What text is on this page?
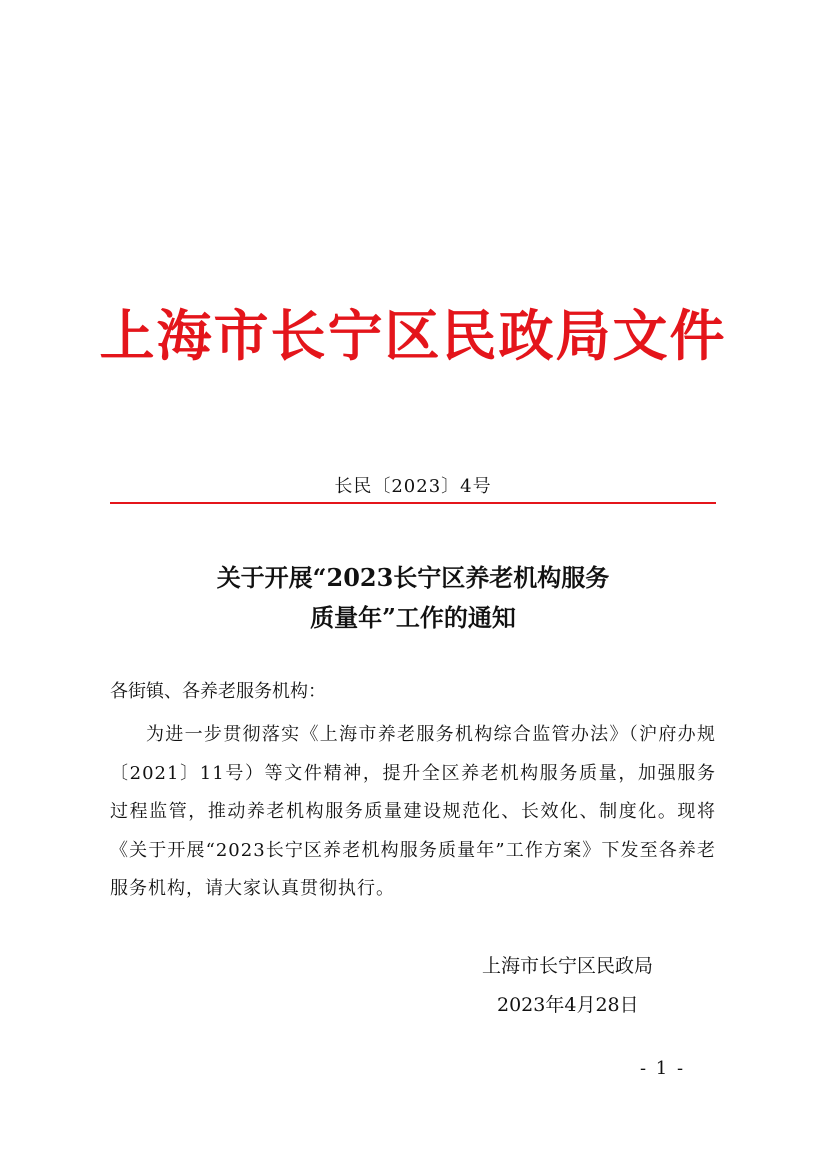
上海市长宁区民政局文件
长民〔2023〕4号
关于开展“2023长宁区养老机构服务
质量年”工作的通知
各街镇、各养老服务机构：
为进一步贯彻落实《上海市养老服务机构综合监管办法》（沪府办规〔2021〕11号）等文件精神，提升全区养老机构服务质量，加强服务过程监管，推动养老机构服务质量建设规范化、长效化、制度化。现将《关于开展“2023长宁区养老机构服务质量年”工作方案》下发至各养老服务机构，请大家认真贯彻执行。
上海市长宁区民政局
2023年4月28日
- 1 -
